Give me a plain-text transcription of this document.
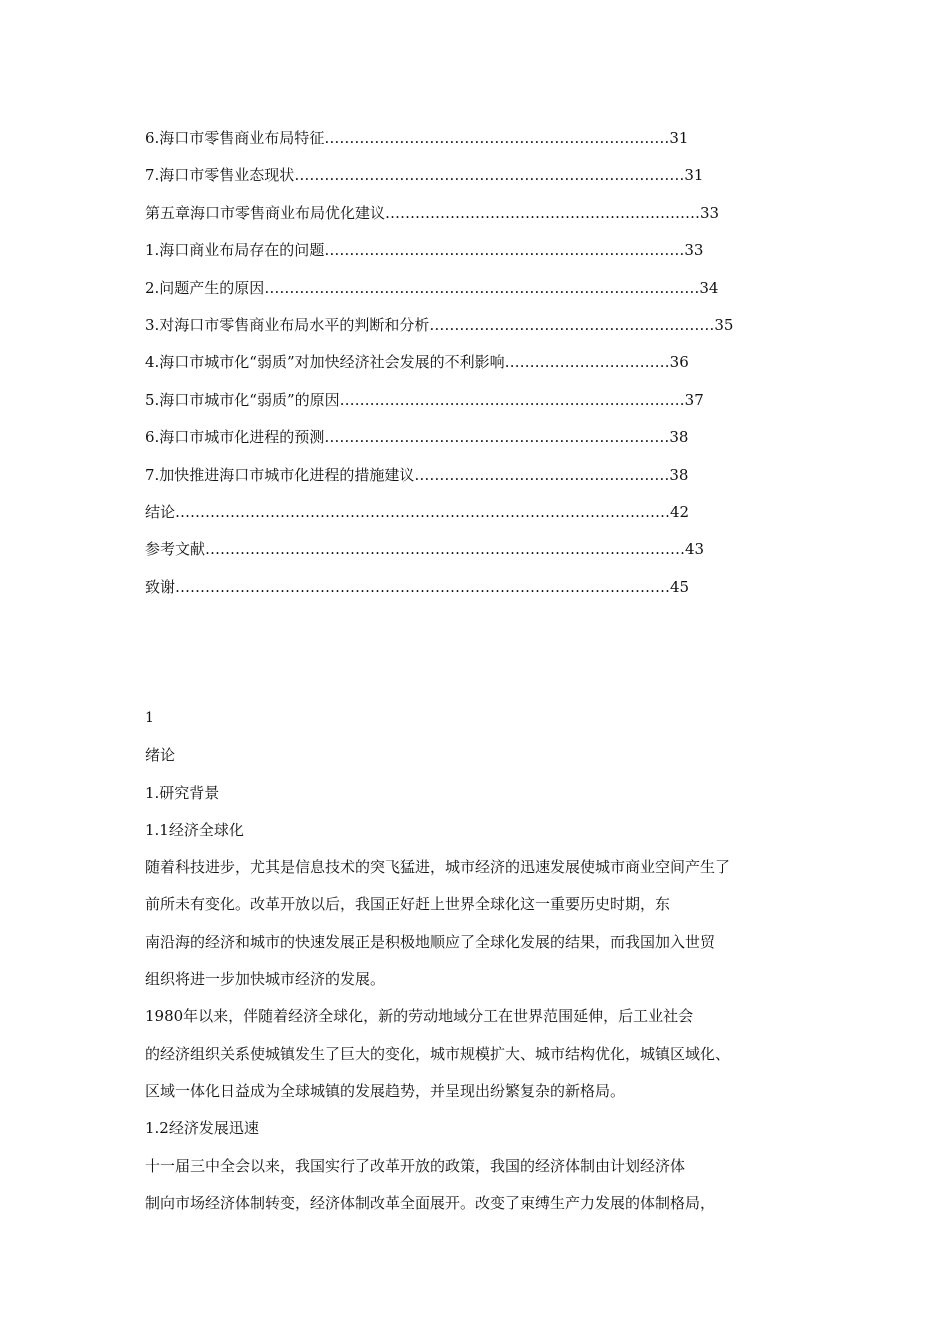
6.海口市零售商业布局特征 …………………………………………………………… 31
7.海口市零售业态现状 …………………………………………………………………… 31
第五章海口市零售商业布局优化建议 ……………………………………………………… 33
1.海口商业布局存在的问题 ……………………………………………………………… 33
2.问题产生的原因 …………………………………………………………………………… 34
3.对海口市零售商业布局水平的判断和分析 ………………………………………………… 35
4.海口市城市化“弱质”对加快经济社会发展的不利影响 …………………………… 36
5.海口市城市化“弱质”的原因 …………………………………………………………… 37
6.海口市城市化进程的预测 …………………………………………………………… 38
7.加快推进海口市城市化进程的措施建议 …………………………………………… 38
结论 ……………………………………………………………………………………… 42
参考文献 …………………………………………………………………………………… 43
致谢 ……………………………………………………………………………………… 45
1
绪论
1.研究背景
1.1经济全球化
随着科技进步，尤其是信息技术的突飞猛进，城市经济的迅速发展使城市商业空间产生了
前所未有变化。改革开放以后，我国正好赶上世界全球化这一重要历史时期，东
南沿海的经济和城市的快速发展正是积极地顺应了全球化发展的结果，而我国加入世贸
组织将进一步加快城市经济的发展。
1980年以来，伴随着经济全球化，新的劳动地域分工在世界范围延伸，后工业社会
的经济组织关系使城镇发生了巨大的变化，城市规模扩大、城市结构优化，城镇区域化、
区域一体化日益成为全球城镇的发展趋势，并呈现出纷繁复杂的新格局。
1.2经济发展迅速
十一届三中全会以来，我国实行了改革开放的政策，我国的经济体制由计划经济体
制向市场经济体制转变，经济体制改革全面展开。改变了束缚生产力发展的体制格局，
